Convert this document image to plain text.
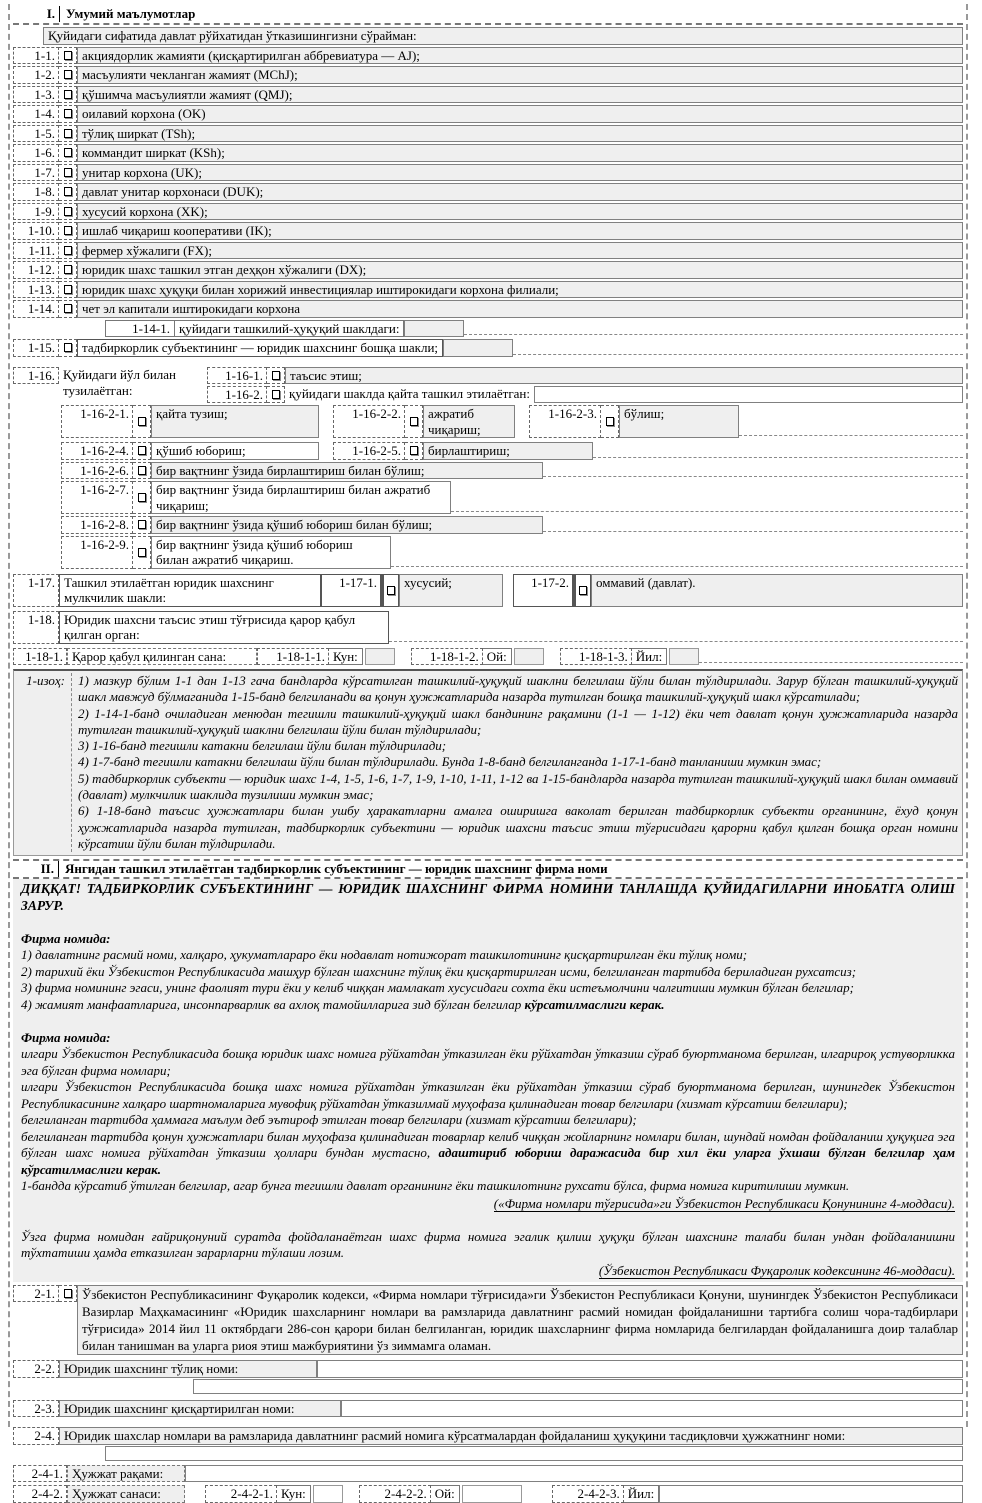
I. Умумий маълумотлар
Қуйидаги сифатида давлат рўйхатидан ўтказишингизни сўрайман:
1-1.	акциядорлик жамияти (қисқартирилган аббревиатура — AJ);
1-2.	масъулияти чекланган жамият (MChJ);
1-3.	қўшимча масъулиятли жамият (QMJ);
1-4.	оилавий корхона (OK)
1-5.	тўлиқ ширкат (TSh);
1-6.	коммандит ширкат (KSh);
1-7.	унитар корхона (UK);
1-8.	давлат унитар корхонаси (DUK);
1-9.	хусусий корхона (XK);
1-10.	ишлаб чиқариш кооперативи (IK);
1-11.	фермер хўжалиги (FX);
1-12.	юридик шахс ташкил этган деҳқон хўжалиги (DX);
1-13.	юридик шахс ҳуқуқи билан хорижий инвестициялар иштирокидаги корхона филиали;
1-14.	чет эл капитали иштирокидаги корхона
1-14-1. қуйидаги ташкилий-ҳуқуқий шаклдаги:
1-15.	тадбиркорлик субъектининг — юридик шахснинг бошқа шакли;
1-16. Қуйидаги йўл билан тузилаётган:
1-16-1.	таъсис этиш;
1-16-2.	қуйидаги шаклда қайта ташкил этилаётган:
1-16-2-1.	қайта тузиш;	1-16-2-2.	ажратиб чиқариш;
1-16-2-3.	бўлиш;
1-16-2-4.	қўшиб юбориш;	1-16-2-5.	бирлаштириш;
1-16-2-6.	бир вақтнинг ўзида бирлаштириш билан бўлиш;
1-16-2-7.	бир вақтнинг ўзида бирлаштириш билан ажратиб чиқариш;
1-16-2-8.	бир вақтнинг ўзида қўшиб юбориш билан бўлиш;
1-16-2-9.	бир вақтнинг ўзида қўшиб юбориш билан ажратиб чиқариш.
1-17. Ташкил этилаётган юридик шахснинг мулкчилик шакли:
1-17-1.	хусусий;	1-17-2.	оммавий (давлат).
1-18. Юридик шахсни таъсис этиш тўғрисида қарор қабул қилган орган:
1-18-1. Қарор қабул қилинган сана:	1-18-1-1. Кун:	1-18-1-2. Ой:	1-18-1-3. Йил:
1-изоҳ:	1) мазкур бўлим 1-1 дан 1-13 гача бандларда кўрсатилган ташкилий-ҳуқуқий шаклни белгилаш йўли билан тўлдирилади. Зарур бўлган ташкилий-ҳуқуқий шакл мавжуд бўлмаганида 1-15-банд белгиланади ва қонун ҳужжатларида назарда тутилган бошқа ташкилий-ҳуқуқий шакл кўрсатилади;

2) 1-14-1-банд очиладиган менюдан тегишли ташкилий-ҳуқуқий шакл бандининг рақамини (1-1 — 1-12) ёки чет давлат қонун ҳужжатларида назарда тутилган ташкилий-ҳуқуқий шаклни белгилаш йўли билан тўлдирилади;

3) 1-16-банд тегишли катакни белгилаш йўли билан тўлдирилади;

4) 1-7-банд тегишли катакни белгилаш йўли билан тўлдирилади. Бунда 1-8-банд белгиланганда 1-17-1-банд танланиши мумкин эмас;

5) тадбиркорлик субъекти — юридик шахс 1-4, 1-5, 1-6, 1-7, 1-9, 1-10, 1-11, 1-12 ва 1-15-бандларда назарда тутилган ташкилий-ҳуқуқий шакл билан оммавий (давлат) мулкчилик шаклида тузилиши мумкин эмас;

6) 1-18-банд таъсис ҳужжатлари билан ушбу ҳаракатларни амалга оширишга ваколат берилган тадбиркорлик субъекти органининг, ёхуд қонун ҳужжатларида назарда тутилган, тадбиркорлик субъектини — юридик шахсни таъсис этиш тўғрисидаги қарорни қабул қилган бошқа орган номини кўрсатиш йўли билан тўлдирилади.

II. Янгидан ташкил этилаётган тадбиркорлик субъектининг — юридик шахснинг фирма номи

ДИҚҚАТ! ТАДБИРКОРЛИК СУБЪЕКТИНИНГ — ЮРИДИК ШАХСНИНГ ФИРМА НОМИНИ ТАНЛАШДА ҚУЙИДАГИЛАРНИ ИНОБАТГА ОЛИШ ЗАРУР.

Фирма номида:

1) давлатнинг расмий номи, халқаро, ҳукуматлараро ёки нодавлат нотижорат ташкилотининг қисқартирилган ёки тўлиқ номи;

2) тарихий ёки Ўзбекистон Республикасида машҳур бўлган шахснинг тўлиқ ёки қисқартирилган исми, белгиланган тартибда бериладиган рухсатсиз;

3) фирма номининг эгаси, унинг фаолият тури ёки у келиб чиққан мамлакат хусусидаги сохта ёки истеъмолчини чалғитиши мумкин бўлган белгилар;

4) жамият манфаатларига, инсонпарварлик ва ахлоқ тамойилларига зид бўлган белгилар кўрсатилмаслиги керак.

Фирма номида:

илгари Ўзбекистон Республикасида бошқа юридик шахс номига рўйхатдан ўтказилган ёки рўйхатдан ўтказиш сўраб буюртманома берилган, илгарироқ устуворликка эга бўлган фирма номлари;

илгари Ўзбекистон Республикасида бошқа шахс номига рўйхатдан ўтказилган ёки рўйхатдан ўтказиш сўраб буюртманома берилган, шунингдек Ўзбекистон Республикасининг халқаро шартномаларига мувофиқ рўйхатдан ўтказилмай муҳофаза қилинадиган товар белгилари (хизмат кўрсатиш белгилари);

белгиланган тартибда ҳаммага маълум деб эътироф этилган товар белгилари (хизмат кўрсатиш белгилари);

белгиланган тартибда қонун ҳужжатлари билан муҳофаза қилинадиган товарлар келиб чиққан жойларнинг номлари билан, шундай номдан фойдаланиш ҳуқуқига эга бўлган шахс номига рўйхатдан ўтказиш ҳоллари бундан мустасно, адаштириб юбориш даражасида бир хил ёки уларга ўхшаш бўлган белгилар ҳам кўрсатилмаслиги керак.

1-бандда кўрсатиб ўтилган белгилар, агар бунга тегишли давлат органининг ёки ташкилотнинг рухсати бўлса, фирма номига киритилиши мумкин.

(«Фирма номлари тўғрисида»ги Ўзбекистон Республикаси Қонунининг 4-моддаси).

Ўзга фирма номидан ғайриқонуний суратда фойдаланаётган шахс фирма номига эгалик қилиш ҳуқуқи бўлган шахснинг талаби билан ундан фойдаланишни тўхтатиши ҳамда етказилган зарарларни тўлаши лозим.

(Ўзбекистон Республикаси Фуқаролик кодексининг 46-моддаси).
2-1.	Ўзбекистон Республикасининг Фуқаролик кодекси, «Фирма номлари тўғрисида»ги Ўзбекистон Республикаси Қонуни, шунингдек Ўзбекистон Республикаси Вазирлар Маҳкамасининг «Юридик шахсларнинг номлари ва рамзларида давлатнинг расмий номидан фойдаланишни тартибга солиш чора-тадбирлари тўғрисида» 2014 йил 11 октябрдаги 286-сон қарори билан белгиланган, юридик шахсларнинг фирма номларида белгилардан фойдаланишга доир талаблар билан танишман ва уларга риоя этиш мажбуриятини ўз зиммамга оламан.
2-2. Юридик шахснинг тўлиқ номи:
2-3. Юридик шахснинг қисқартирилган номи:
2-4. Юридик шахслар номлари ва рамзларида давлатнинг расмий номига кўрсатмалардан фойдаланиш ҳуқуқини тасдиқловчи ҳужжатнинг номи:
2-4-1. Ҳужжат рақами:
2-4-2. Ҳужжат санаси:	2-4-2-1. Кун:	2-4-2-2. Ой:	2-4-2-3. Йил:
